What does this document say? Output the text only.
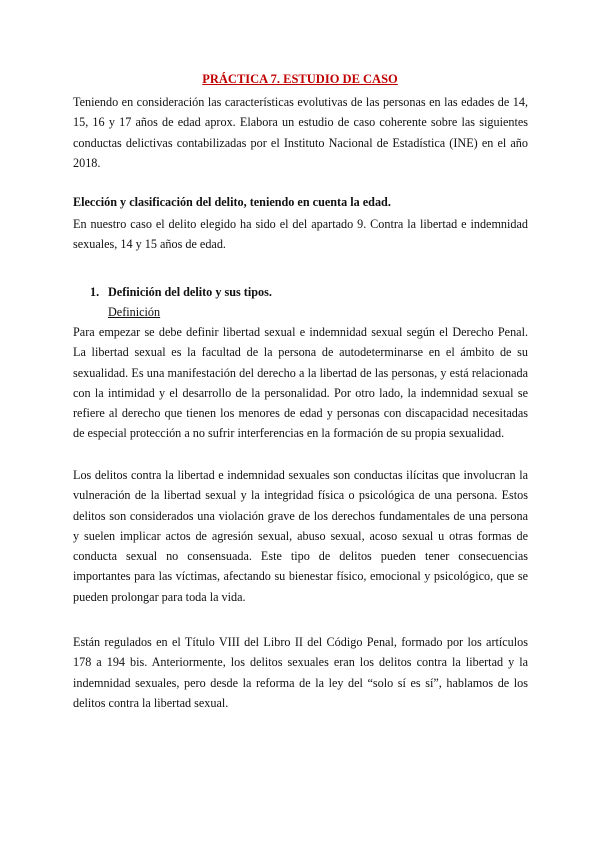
PRÁCTICA 7. ESTUDIO DE CASO
Teniendo en consideración las características evolutivas de las personas en las edades de 14, 15, 16 y 17 años de edad aprox. Elabora un estudio de caso coherente sobre las siguientes conductas delictivas contabilizadas por el Instituto Nacional de Estadística (INE) en el año 2018.
Elección y clasificación del delito, teniendo en cuenta la edad.
En nuestro caso el delito elegido ha sido el del apartado 9. Contra la libertad e indemnidad sexuales, 14 y 15 años de edad.
1. Definición del delito y sus tipos.
Definición
Para empezar se debe definir libertad sexual e indemnidad sexual según el Derecho Penal. La libertad sexual es la facultad de la persona de autodeterminarse en el ámbito de su sexualidad. Es una manifestación del derecho a la libertad de las personas, y está relacionada con la intimidad y el desarrollo de la personalidad. Por otro lado, la indemnidad sexual se refiere al derecho que tienen los menores de edad y personas con discapacidad necesitadas de especial protección a no sufrir interferencias en la formación de su propia sexualidad.
Los delitos contra la libertad e indemnidad sexuales son conductas ilícitas que involucran la vulneración de la libertad sexual y la integridad física o psicológica de una persona. Estos delitos son considerados una violación grave de los derechos fundamentales de una persona y suelen implicar actos de agresión sexual, abuso sexual, acoso sexual u otras formas de conducta sexual no consensuada. Este tipo de delitos pueden tener consecuencias importantes para las víctimas, afectando su bienestar físico, emocional y psicológico, que se pueden prolongar para toda la vida.
Están regulados en el Título VIII del Libro II del Código Penal, formado por los artículos 178 a 194 bis. Anteriormente, los delitos sexuales eran los delitos contra la libertad y la indemnidad sexuales, pero desde la reforma de la ley del “solo sí es sí”, hablamos de los delitos contra la libertad sexual.
